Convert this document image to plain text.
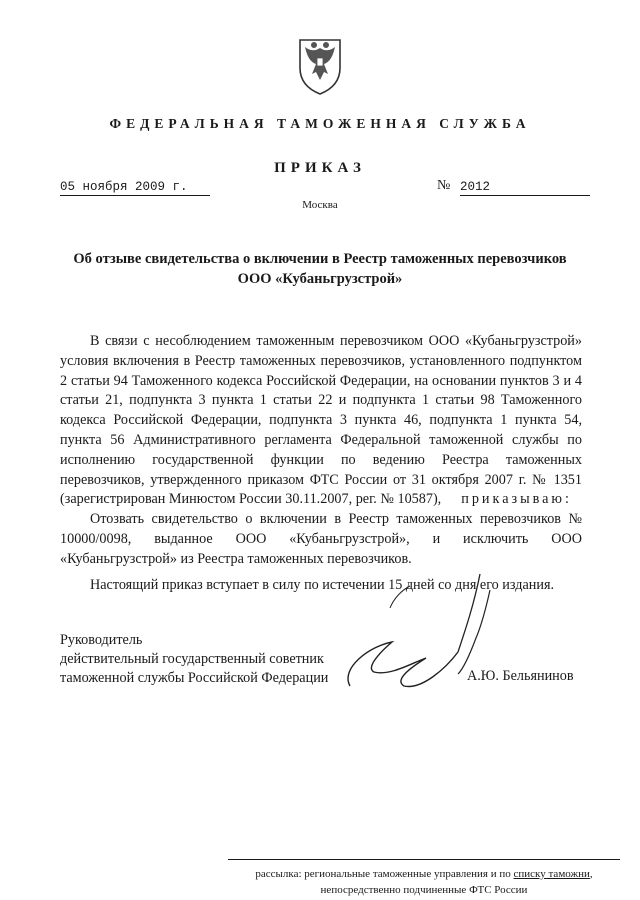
ФЕДЕРАЛЬНАЯ ТАМОЖЕННАЯ СЛУЖБА
ПРИКАЗ
05 ноября 2009 г.	№ 2012
Москва
Об отзыве свидетельства о включении в Реестр таможенных перевозчиков
ООО «Кубаньгрузстрой»

В связи с несоблюдением таможенным перевозчиком ООО «Кубаньгрузстрой» условия включения в Реестр таможенных перевозчиков, установленного подпунктом 2 статьи 94 Таможенного кодекса Российской Федерации, на основании пунктов 3 и 4 статьи 21, подпункта 3 пункта 1 статьи 22 и подпункта 1 статьи 98 Таможенного кодекса Российской Федерации, подпункта 3 пункта 46, подпункта 1 пункта 54, пункта 56 Административного регламента Федеральной таможенной службы по исполнению государственной функции по ведению Реестра таможенных перевозчиков, утвержденного приказом ФТС России от 31 октября 2007 г. № 1351 (зарегистрирован Минюстом России 30.11.2007, рег. № 10587), приказываю:

Отозвать свидетельство о включении в Реестр таможенных перевозчиков № 10000/0098, выданное ООО «Кубаньгрузстрой», и исключить ООО «Кубаньгрузстрой» из Реестра таможенных перевозчиков.

Настоящий приказ вступает в силу по истечении 15 дней со дня его издания.
Руководитель
действительный государственный советник
таможенной службы Российской Федерации	А.Ю. Бельянинов
рассылка: региональные таможенные управления и по списку таможни,
непосредственно подчиненные ФТС России
